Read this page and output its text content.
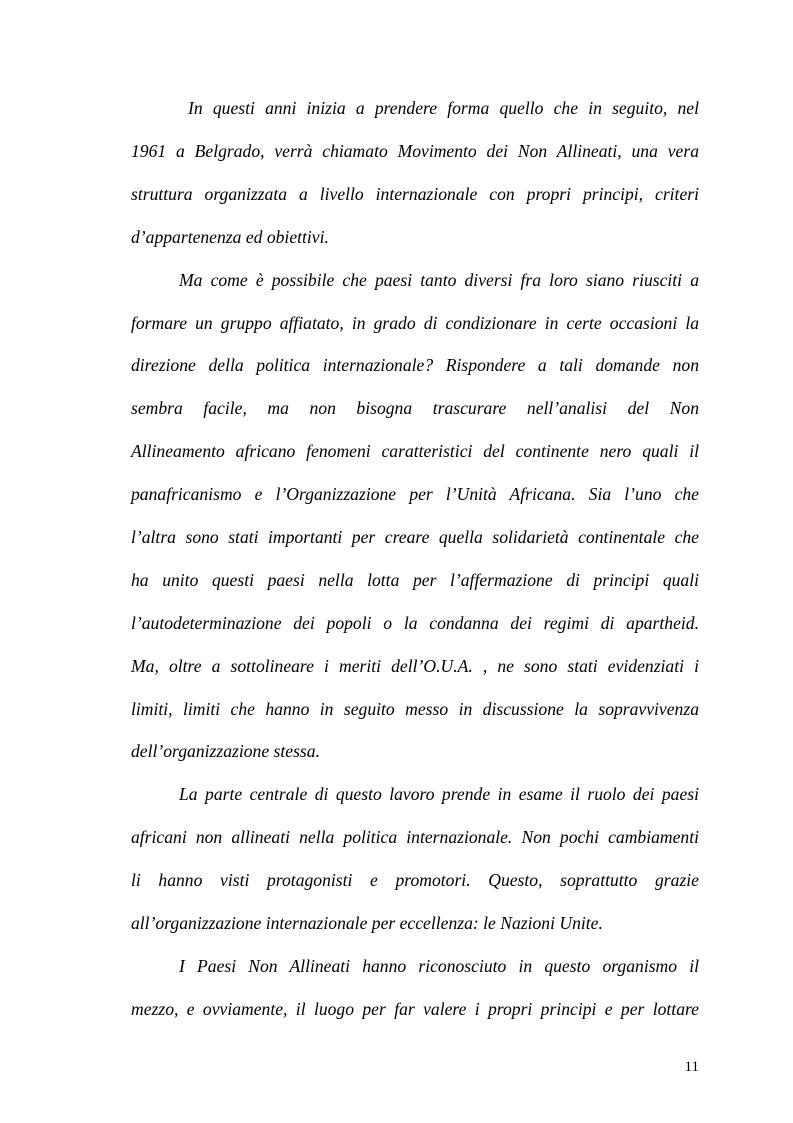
In questi anni inizia a prendere forma quello che in seguito, nel
1961 a Belgrado, verrà chiamato Movimento dei Non Allineati, una vera
struttura organizzata a livello internazionale con propri principi, criteri
d’appartenenza ed obiettivi.
Ma come è possibile che paesi tanto diversi fra loro siano riusciti a
formare un gruppo affiatato, in grado di condizionare in certe occasioni la
direzione della politica internazionale? Rispondere a tali domande non
sembra facile, ma non bisogna trascurare nell’analisi del Non
Allineamento africano fenomeni caratteristici del continente nero quali il
panafricanismo e l’Organizzazione per l’Unità Africana. Sia l’uno che
l’altra sono stati importanti per creare quella solidarietà continentale che
ha unito questi paesi nella lotta per l’affermazione di principi quali
l’autodeterminazione dei popoli o la condanna dei regimi di apartheid.
Ma, oltre a sottolineare i meriti dell’O.U.A. , ne sono stati evidenziati i
limiti, limiti che hanno in seguito messo in discussione la sopravvivenza
dell’organizzazione stessa.
La parte centrale di questo lavoro prende in esame il ruolo dei paesi
africani non allineati nella politica internazionale. Non pochi cambiamenti
li hanno visti protagonisti e promotori. Questo, soprattutto grazie
all’organizzazione internazionale per eccellenza: le Nazioni Unite.
I Paesi Non Allineati hanno riconosciuto in questo organismo il
mezzo, e ovviamente, il luogo per far valere i propri principi e per lottare
11
